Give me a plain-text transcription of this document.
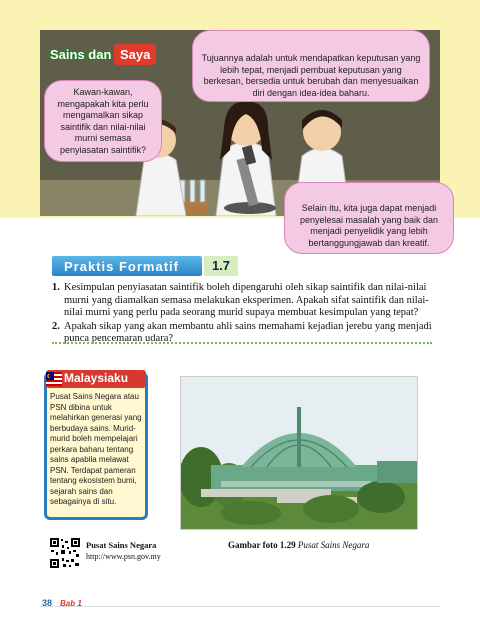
Sains dan Saya
Kawan-kawan, mengapakah kita perlu mengamalkan sikap saintifik dan nilai-nilai murni semasa penyiasatan saintifik?
Tujuannya adalah untuk mendapatkan keputusan yang lebih tepat, menjadi pembuat keputusan yang berkesan, bersedia untuk berubah dan menyesuaikan diri dengan idea-idea baharu.
Selain itu, kita juga dapat menjadi penyelesai masalah yang baik dan menjadi penyelidik yang lebih bertanggungjawab dan kreatif.
Praktis Formatif	1.7
1. Kesimpulan penyiasatan saintifik boleh dipengaruhi oleh sikap saintifik dan nilai-nilai murni yang diamalkan semasa melakukan eksperimen. Apakah sifat saintifik dan nilai-nilai murni yang perlu pada seorang murid supaya membuat kesimpulan yang tepat?
2. Apakah sikap yang akan membantu ahli sains memahami kejadian jerebu yang menjadi punca pencemaran udara?
Malaysiaku
Pusat Sains Negara atau PSN dibina untuk melahirkan generasi yang berbudaya sains. Murid-murid boleh mempelajari perkara baharu tentang sains apabila melawat PSN. Terdapat pameran tentang ekosistem bumi, sejarah sains dan sebagainya di situ.
Gambar foto 1.29 Pusat Sains Negara
Pusat Sains Negara
http://www.psn.gov.my
38 Bab 1
